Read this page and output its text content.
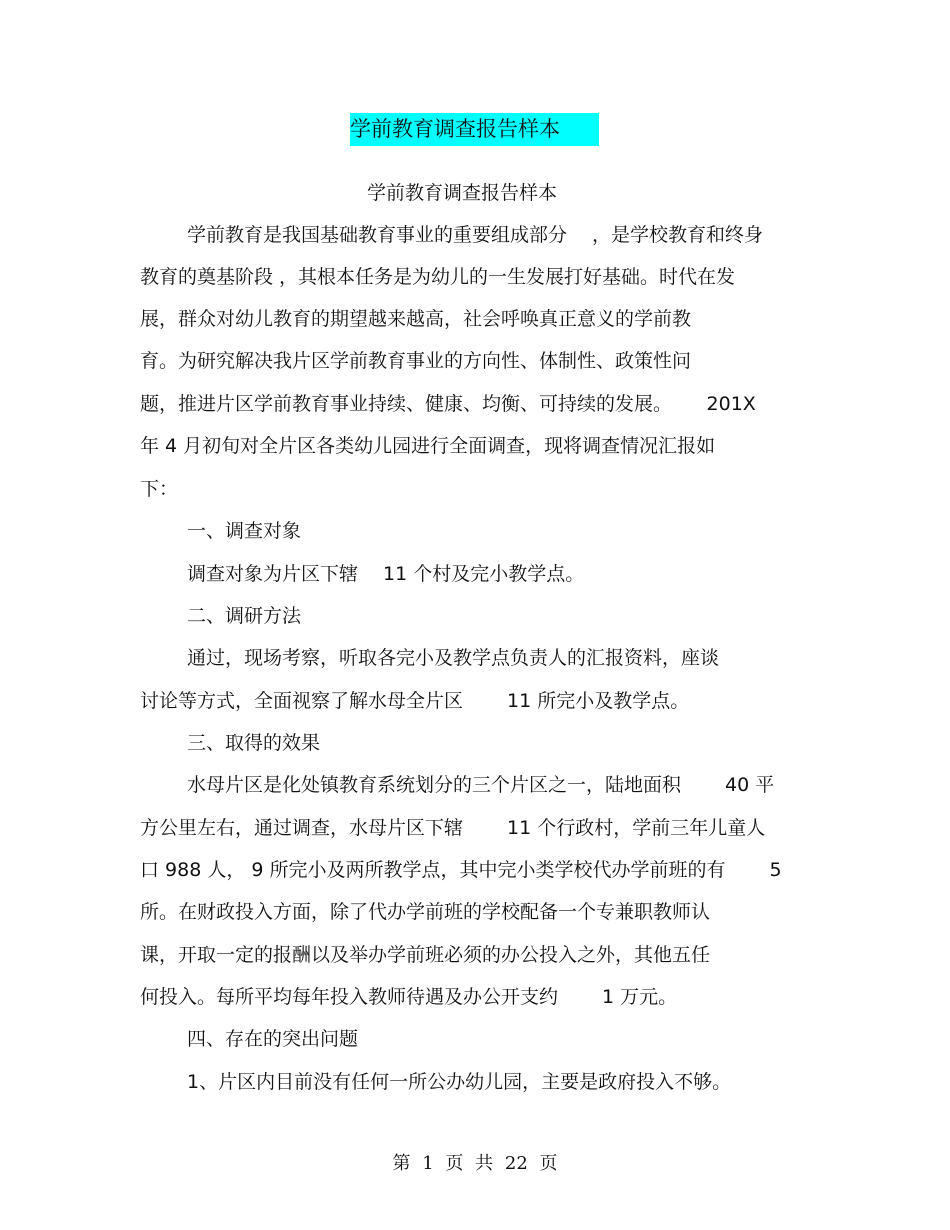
学前教育调查报告样本
学前教育调查报告样本
学前教育是我国基础教育事业的重要组成部分　 ，是学校教育和终身
教育的奠基阶段 ，其根本任务是为幼儿的一生发展打好基础。时代在发
展，群众对幼儿教育的期望越来越高，社会呼唤真正意义的学前教
育。为研究解决我片区学前教育事业的方向性、体制性、政策性问
题，推进片区学前教育事业持续、健康、均衡、可持续的发展。　　 201X
年 4 月初旬对全片区各类幼儿园进行全面调查，现将调查情况汇报如
下：
一、调查对象
调查对象为片区下辖　 11 个村及完小教学点。
二、调研方法
通过，现场考察，听取各完小及教学点负责人的汇报资料，座谈
讨论等方式，全面视察了解水母全片区　　 11 所完小及教学点。
三、取得的效果
水母片区是化处镇教育系统划分的三个片区之一，陆地面积　　 40 平
方公里左右，通过调查，水母片区下辖　　 11 个行政村，学前三年儿童人
口 988 人， 9 所完小及两所教学点，其中完小类学校代办学前班的有　　 5
所。在财政投入方面，除了代办学前班的学校配备一个专兼职教师认
课，开取一定的报酬以及举办学前班必须的办公投入之外，其他五任
何投入。每所平均每年投入教师待遇及办公开支约　　 1 万元。
四、存在的突出问题
1、片区内目前没有任何一所公办幼儿园，主要是政府投入不够。
第 1 页 共 22 页
